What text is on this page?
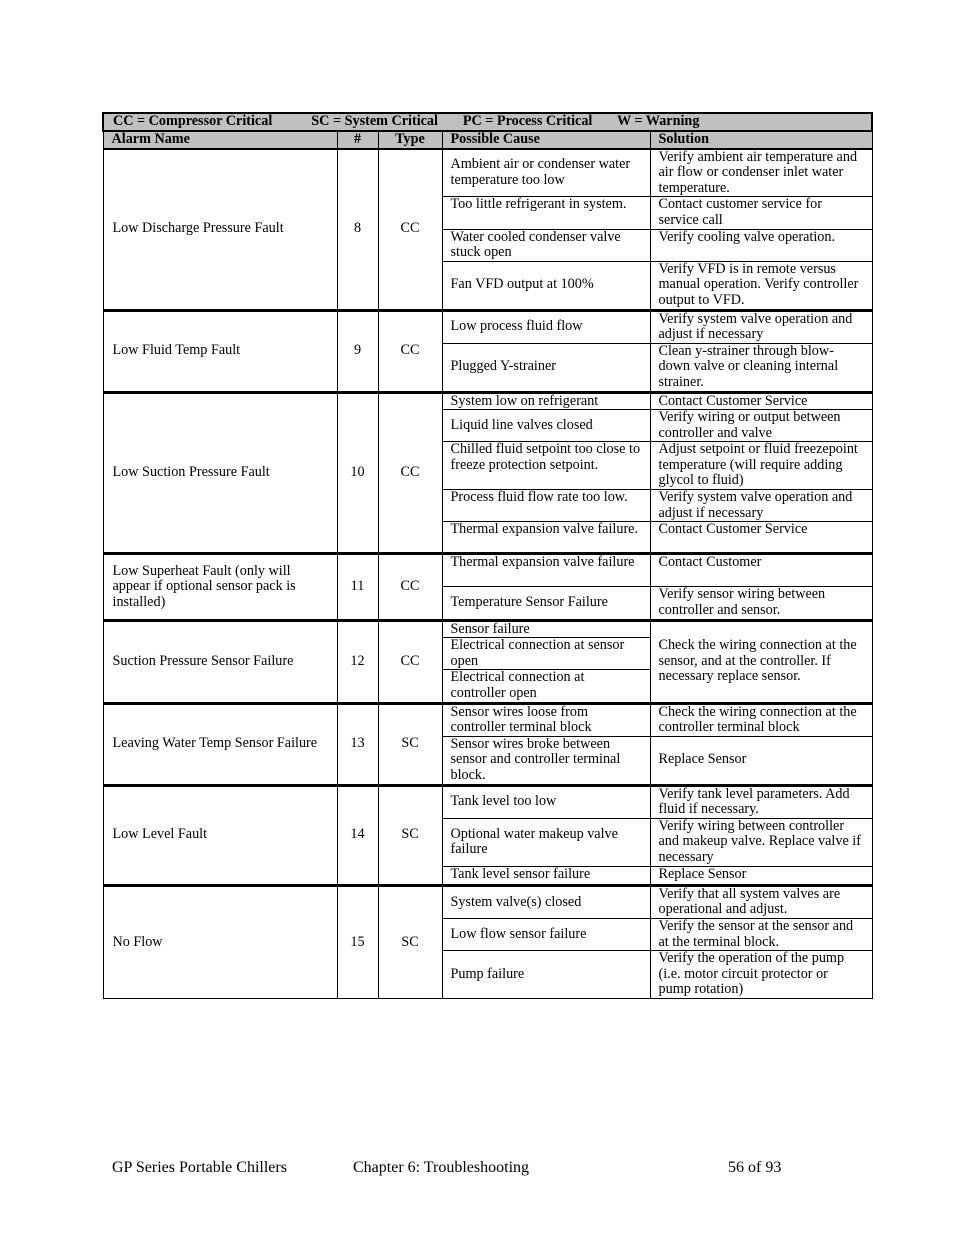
CC = Compressor Critical SC = System Critical PC = Process Critical W = Warning				
Alarm Name	#	Type	Possible Cause	Solution
Low Discharge Pressure Fault	8	CC	Ambient air or condenser water temperature too low	Verify ambient air temperature and air flow or condenser inlet water temperature.
			Too little refrigerant in system.	Contact customer service for service call
			Water cooled condenser valve stuck open	Verify cooling valve operation.
			Fan VFD output at 100%	Verify VFD is in remote versus manual operation. Verify controller output to VFD.
Low Fluid Temp Fault	9	CC	Low process fluid flow	Verify system valve operation and adjust if necessary
			Plugged Y-strainer	Clean y-strainer through blow-down valve or cleaning internal strainer.
Low Suction Pressure Fault	10	CC	System low on refrigerant	Contact Customer Service
			Liquid line valves closed	Verify wiring or output between controller and valve
			Chilled fluid setpoint too close to freeze protection setpoint.	Adjust setpoint or fluid freezepoint temperature (will require adding glycol to fluid)
			Process fluid flow rate too low.	Verify system valve operation and adjust if necessary
			Thermal expansion valve failure.	Contact Customer Service
Low Superheat Fault (only will appear if optional sensor pack is installed)	11	CC	Thermal expansion valve failure	Contact Customer
			Temperature Sensor Failure	Verify sensor wiring between controller and sensor.
Suction Pressure Sensor Failure	12	CC	Sensor failure	Check the wiring connection at the sensor, and at the controller. If necessary replace sensor.
			Electrical connection at sensor open	
			Electrical connection at controller open	
Leaving Water Temp Sensor Failure	13	SC	Sensor wires loose from controller terminal block	Check the wiring connection at the controller terminal block
			Sensor wires broke between sensor and controller terminal block.	Replace Sensor
Low Level Fault	14	SC	Tank level too low	Verify tank level parameters. Add fluid if necessary.
			Optional water makeup valve failure	Verify wiring between controller and makeup valve. Replace valve if necessary
			Tank level sensor failure	Replace Sensor
No Flow	15	SC	System valve(s) closed	Verify that all system valves are operational and adjust.
			Low flow sensor failure	Verify the sensor at the sensor and at the terminal block.
			Pump failure	Verify the operation of the pump (i.e. motor circuit protector or pump rotation)
GP Series Portable Chillers	Chapter 6: Troubleshooting	56 of 93
